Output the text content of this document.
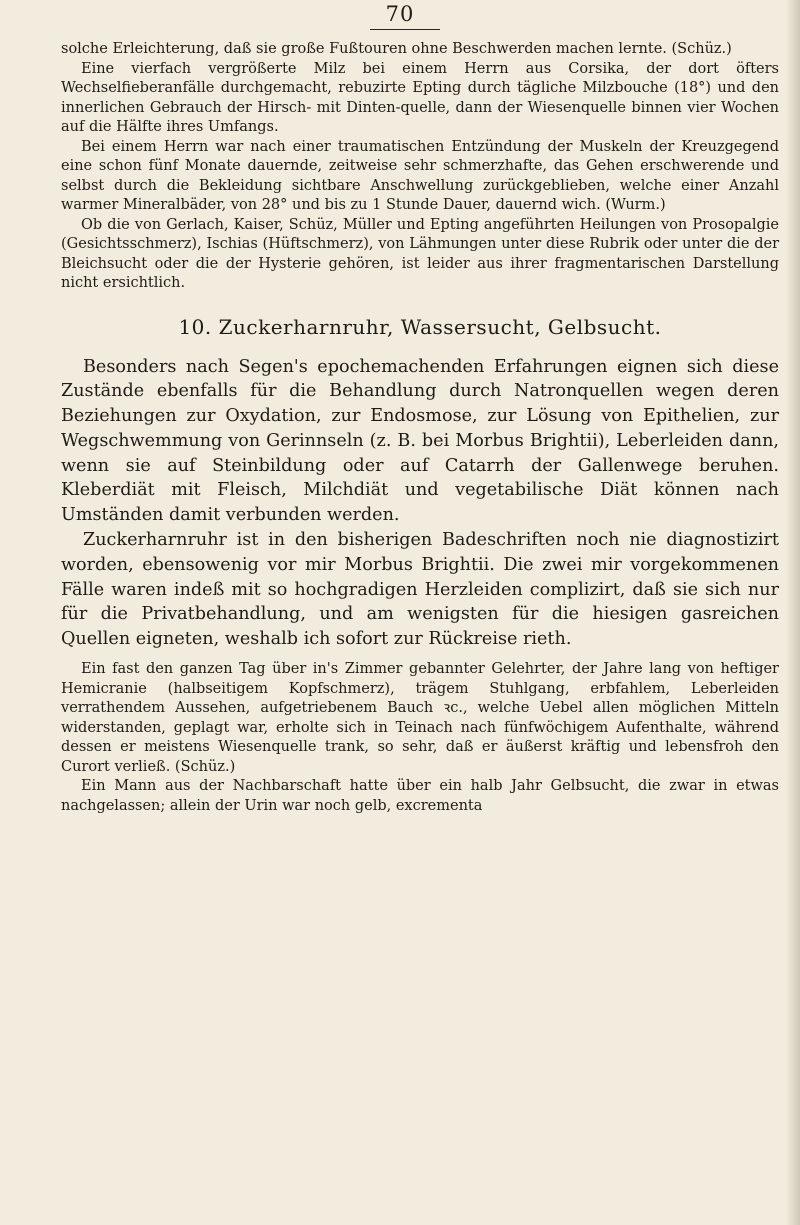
70

solche Erleichterung, daß sie große Fußtouren ohne Beschwerden machen lernte. (Schüz.)

Eine vierfach vergrößerte Milz bei einem Herrn aus Corsika, der dort öfters Wechselfieberanfälle durchgemacht, rebuzirte Epting durch tägliche Milzbouche (18°) und den innerlichen Gebrauch der Hirsch- mit Dinten-quelle, dann der Wiesenquelle binnen vier Wochen auf die Hälfte ihres Umfangs.

Bei einem Herrn war nach einer traumatischen Entzündung der Muskeln der Kreuzgegend eine schon fünf Monate dauernde, zeitweise sehr schmerzhafte, das Gehen erschwerende und selbst durch die Bekleidung sichtbare Anschwellung zurückgeblieben, welche einer Anzahl warmer Mineralbäder, von 28° und bis zu 1 Stunde Dauer, dauernd wich. (Wurm.)

Ob die von Gerlach, Kaiser, Schüz, Müller und Epting angeführten Heilungen von Prosopalgie (Gesichtsschmerz), Ischias (Hüftschmerz), von Lähmungen unter diese Rubrik oder unter die der Bleichsucht oder die der Hysterie gehören, ist leider aus ihrer fragmentarischen Darstellung nicht ersichtlich.

10. Zuckerharnruhr, Wassersucht, Gelbsucht.

Besonders nach Segen's epochemachenden Erfahrungen eignen sich diese Zustände ebenfalls für die Behandlung durch Natronquellen wegen deren Beziehungen zur Oxydation, zur Endosmose, zur Lösung von Epithelien, zur Wegschwemmung von Gerinnseln (z. B. bei Morbus Brightii), Leberleiden dann, wenn sie auf Steinbildung oder auf Catarrh der Gallenwege beruhen. Kleberdiät mit Fleisch, Milchdiät und vegetabilische Diät können nach Umständen damit verbunden werden.

Zuckerharnruhr ist in den bisherigen Badeschriften noch nie diagnostizirt worden, ebensowenig vor mir Morbus Brightii. Die zwei mir vorgekommenen Fälle waren indeß mit so hochgradigen Herzleiden complizirt, daß sie sich nur für die Privatbehandlung, und am wenigsten für die hiesigen gasreichen Quellen eigneten, weshalb ich sofort zur Rückreise rieth.

Ein fast den ganzen Tag über in's Zimmer gebannter Gelehrter, der Jahre lang von heftiger Hemicranie (halbseitigem Kopfschmerz), trägem Stuhlgang, erbfahlem, Leberleiden verrathendem Aussehen, aufgetriebenem Bauch ꝛc., welche Uebel allen möglichen Mitteln widerstanden, geplagt war, erholte sich in Teinach nach fünfwöchigem Aufenthalte, während dessen er meistens Wiesenquelle trank, so sehr, daß er äußerst kräftig und lebensfroh den Curort verließ. (Schüz.)

Ein Mann aus der Nachbarschaft hatte über ein halb Jahr Gelbsucht, die zwar in etwas nachgelassen; allein der Urin war noch gelb, excrementa
